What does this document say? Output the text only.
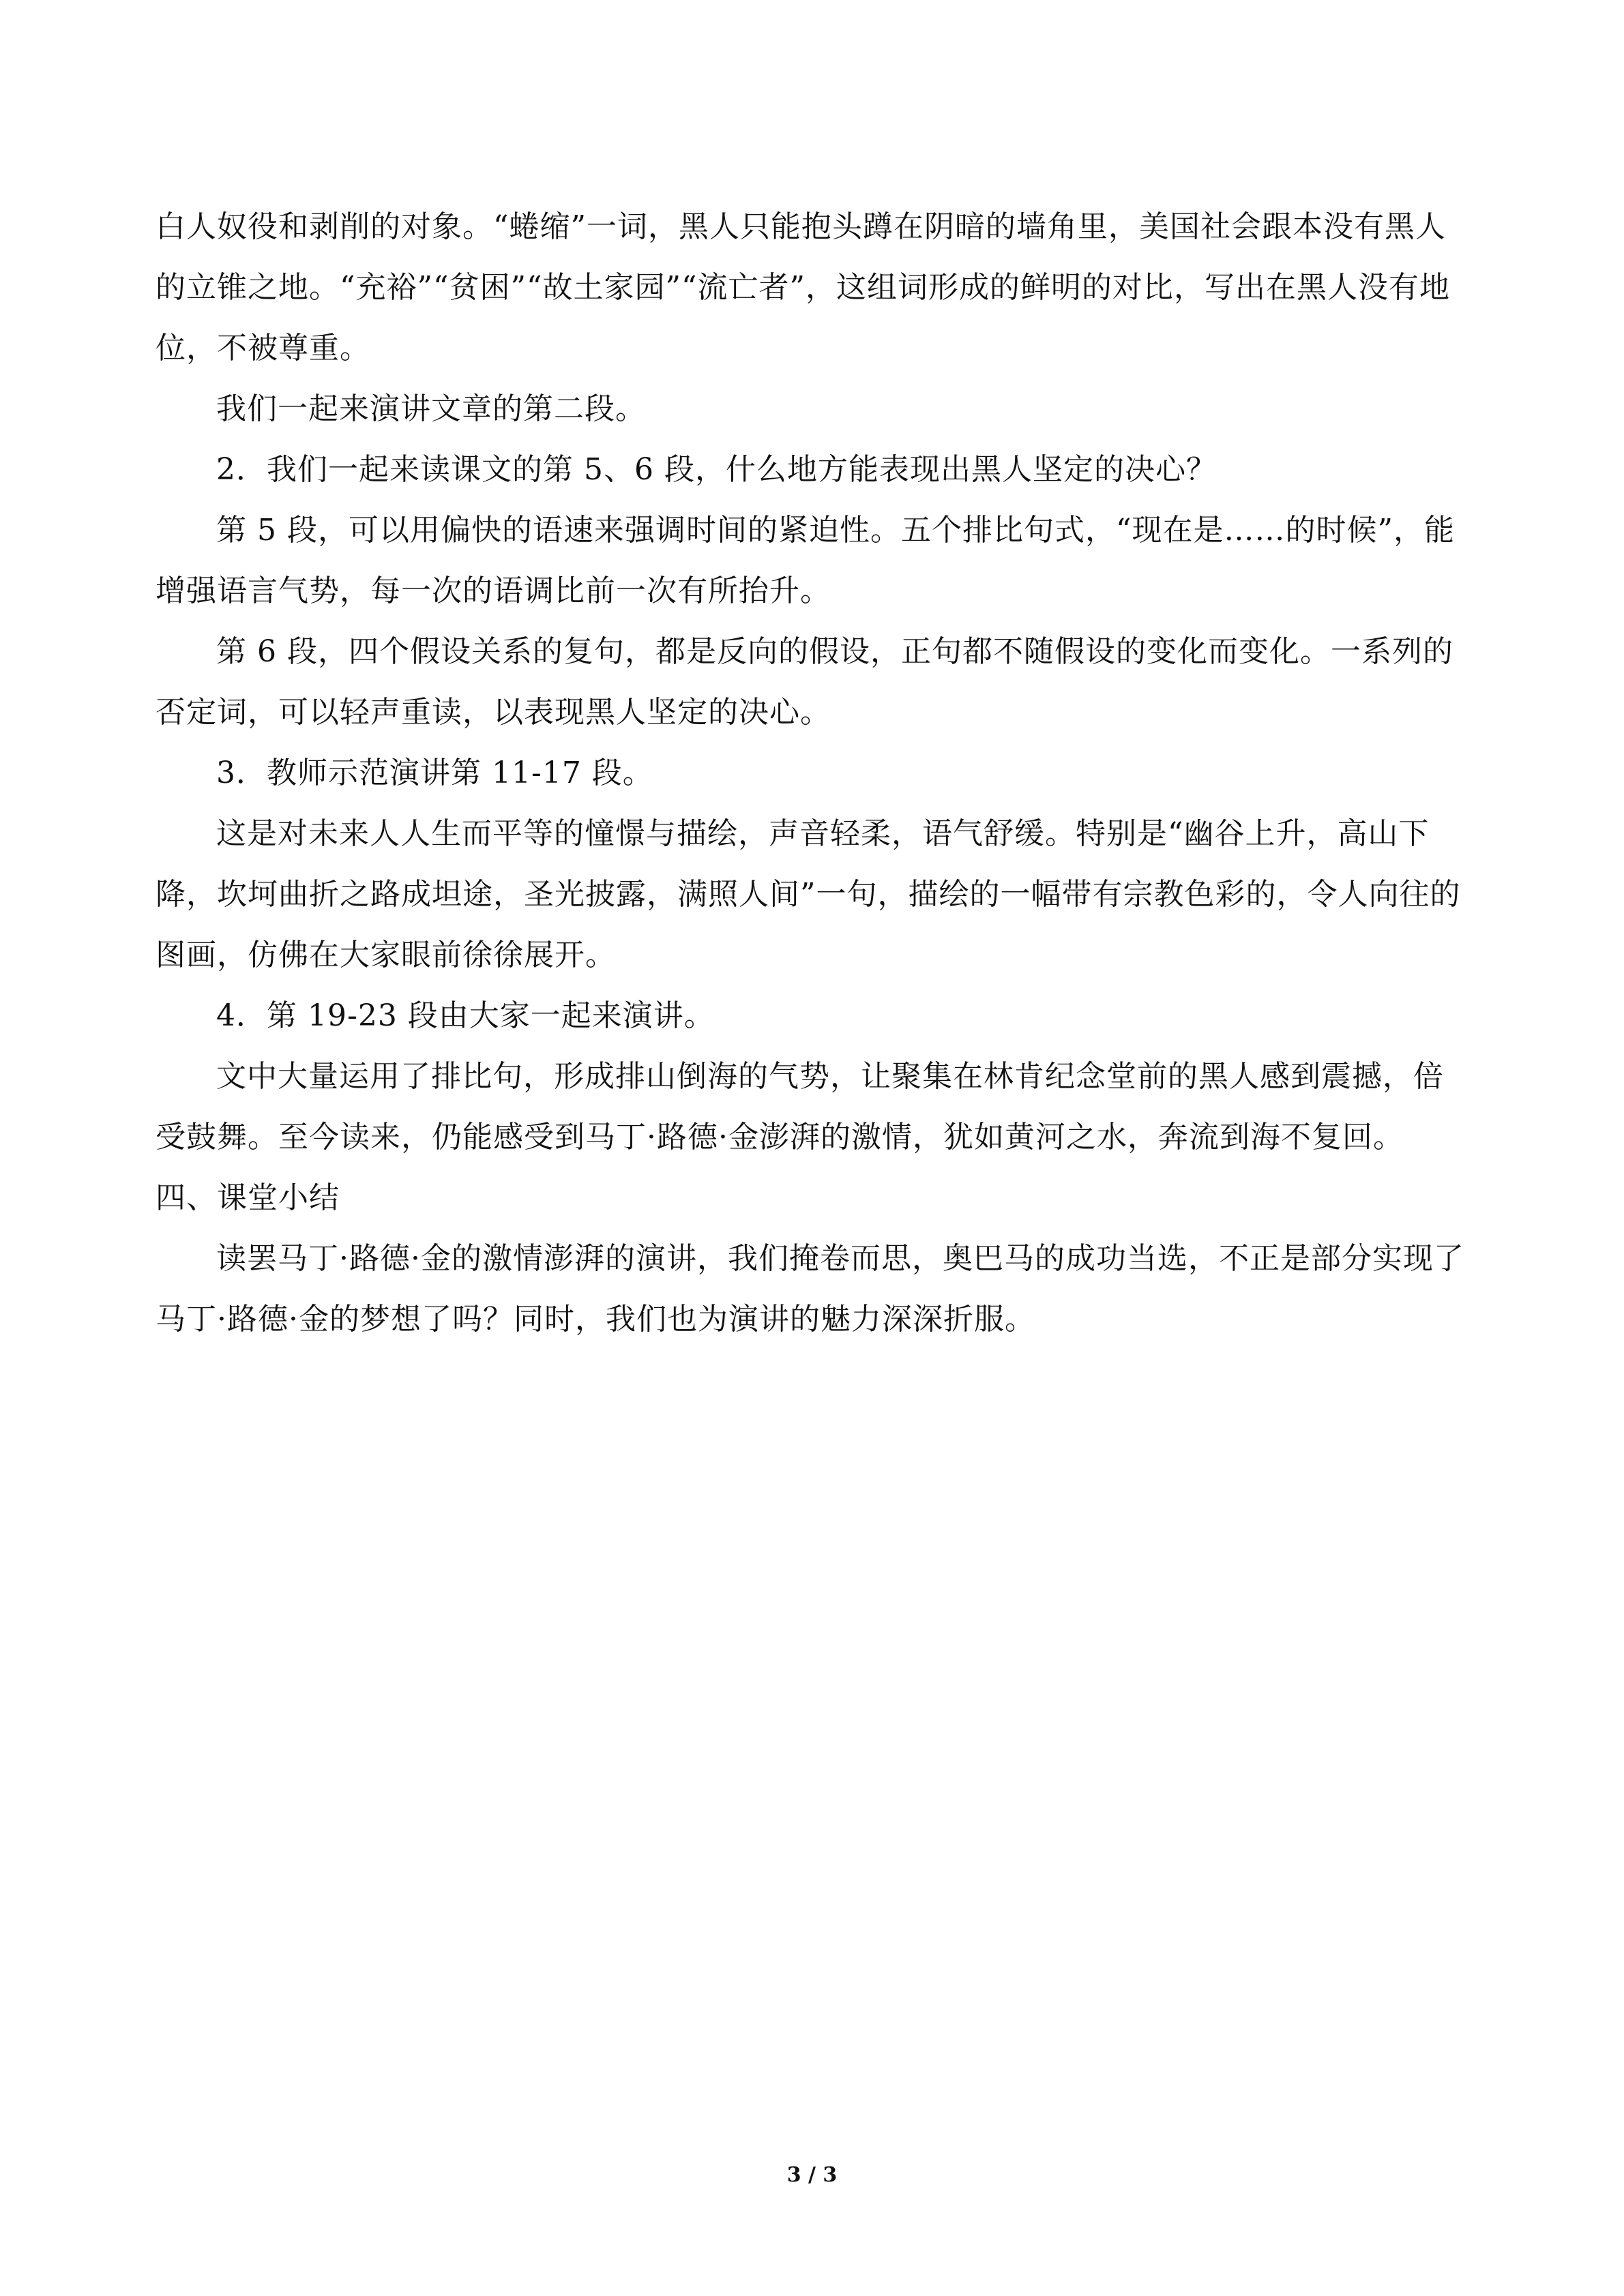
白人奴役和剥削的对象。“蜷缩”一词，黑人只能抱头蹲在阴暗的墙角里，美国社会跟本没有黑人的立锥之地。“充裕”“贫困”“故土家园”“流亡者”，这组词形成的鲜明的对比，写出在黑人没有地位，不被尊重。

我们一起来演讲文章的第二段。

2．我们一起来读课文的第 5、6 段，什么地方能表现出黑人坚定的决心？

第 5 段，可以用偏快的语速来强调时间的紧迫性。五个排比句式，“现在是……的时候”，能增强语言气势，每一次的语调比前一次有所抬升。

第 6 段，四个假设关系的复句，都是反向的假设，正句都不随假设的变化而变化。一系列的否定词，可以轻声重读，以表现黑人坚定的决心。

3．教师示范演讲第 11-17 段。

这是对未来人人生而平等的憧憬与描绘，声音轻柔，语气舒缓。特别是“幽谷上升，高山下降，坎坷曲折之路成坦途，圣光披露，满照人间”一句，描绘的一幅带有宗教色彩的，令人向往的图画，仿佛在大家眼前徐徐展开。

4．第 19-23 段由大家一起来演讲。

文中大量运用了排比句，形成排山倒海的气势，让聚集在林肯纪念堂前的黑人感到震撼，倍受鼓舞。至今读来，仍能感受到马丁·路德·金澎湃的激情，犹如黄河之水，奔流到海不复回。

四、课堂小结

读罢马丁·路德·金的激情澎湃的演讲，我们掩卷而思，奥巴马的成功当选，不正是部分实现了马丁·路德·金的梦想了吗？同时，我们也为演讲的魅力深深折服。

3 / 3
